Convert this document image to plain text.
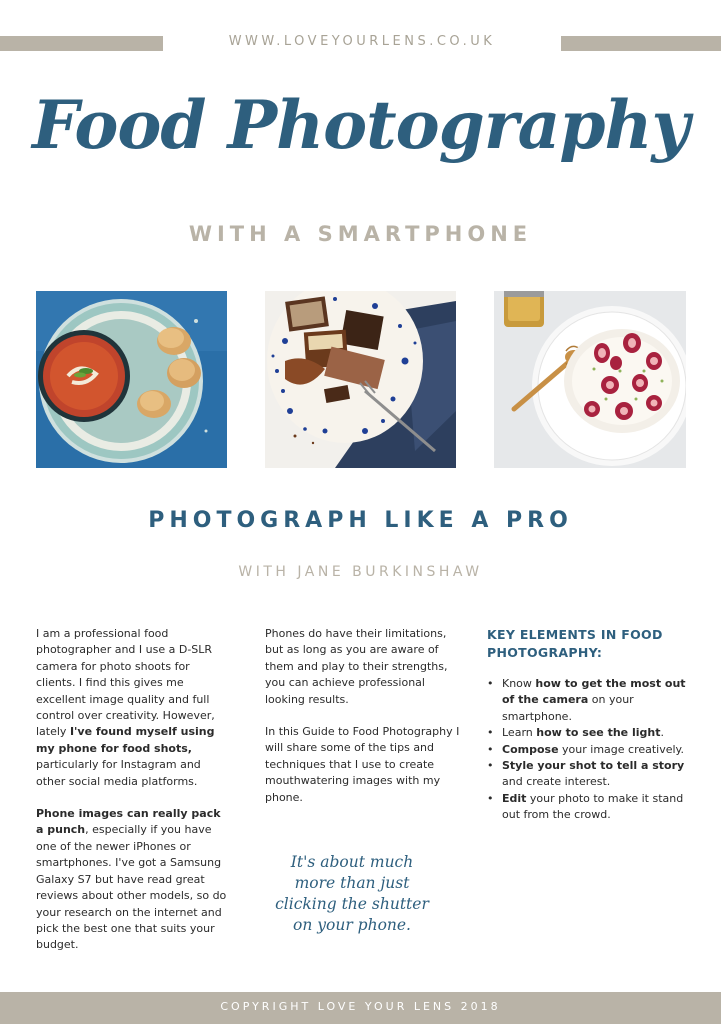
WWW.LOVEYOURLENS.CO.UK
Food Photography
WITH A SMARTPHONE
PHOTOGRAPH LIKE A PRO
WITH JANE BURKINSHAW

I am a professional food photographer and I use a D-SLR camera for photo shoots for clients. I find this gives me excellent image quality and full control over creativity. However, lately I've found myself using my phone for food shots, particularly for Instagram and other social media platforms.

Phone images can really pack a punch, especially if you have one of the newer iPhones or smartphones. I've got a Samsung Galaxy S7 but have read great reviews about other models, so do your research on the internet and pick the best one that suits your budget.

Phones do have their limitations, but as long as you are aware of them and play to their strengths, you can achieve professional looking results.

In this Guide to Food Photography I will share some of the tips and techniques that I use to create mouthwatering images with my phone.

It's about much
more than just
clicking the shutter
on your phone.
KEY ELEMENTS IN FOOD PHOTOGRAPHY:
• Know how to get the most out of the camera on your smartphone.
• Learn how to see the light.
• Compose your image creatively.
• Style your shot to tell a story and create interest.
• Edit your photo to make it stand out from the crowd.
COPYRIGHT LOVE YOUR LENS 2018
